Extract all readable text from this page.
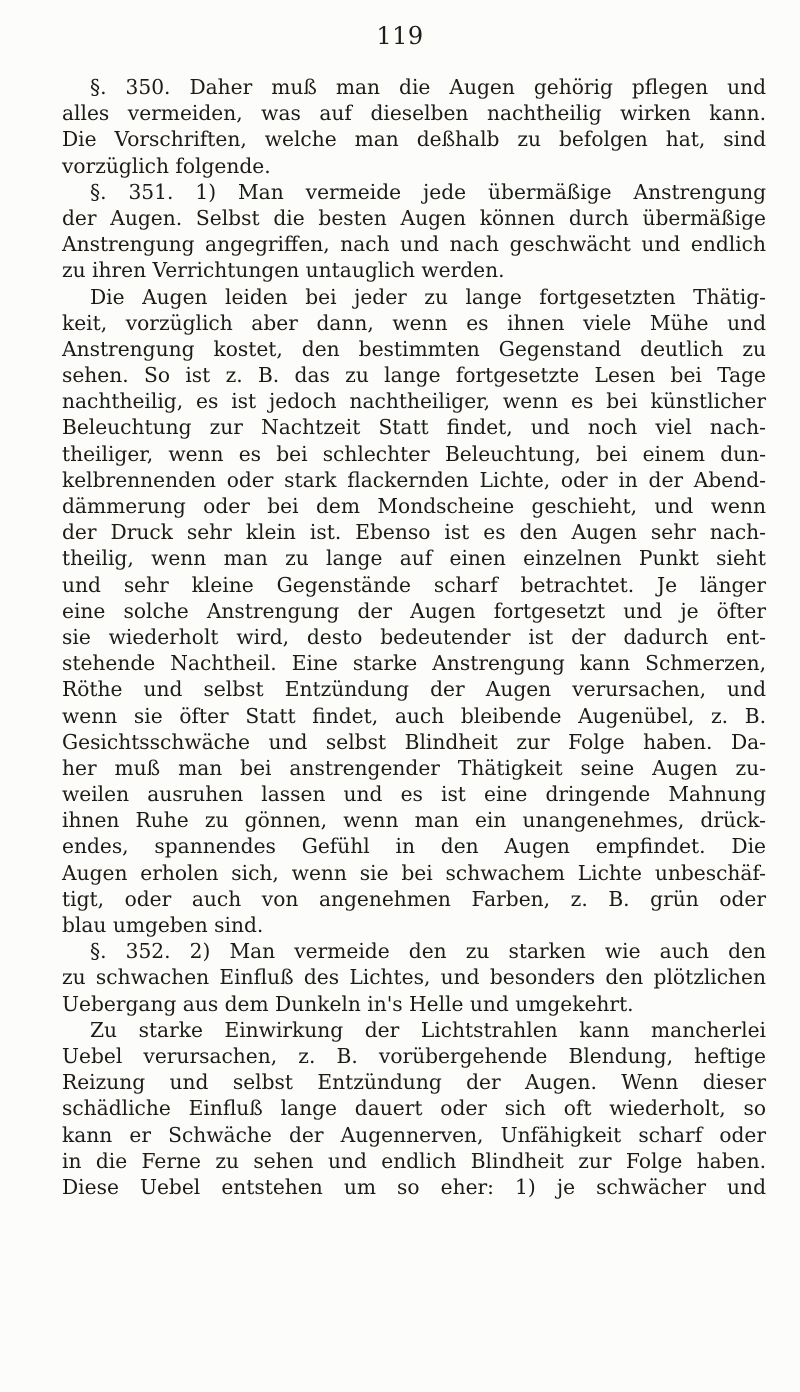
119
§. 350. Daher muß man die Augen gehörig pflegen und
alles vermeiden, was auf dieselben nachtheilig wirken kann.
Die Vorschriften, welche man deßhalb zu befolgen hat, sind
vorzüglich folgende.
§. 351. 1) Man vermeide jede übermäßige Anstrengung
der Augen. Selbst die besten Augen können durch übermäßige
Anstrengung angegriffen, nach und nach geschwächt und endlich
zu ihren Verrichtungen untauglich werden.
Die Augen leiden bei jeder zu lange fortgesetzten Thätig-
keit, vorzüglich aber dann, wenn es ihnen viele Mühe und
Anstrengung kostet, den bestimmten Gegenstand deutlich zu
sehen. So ist z. B. das zu lange fortgesetzte Lesen bei Tage
nachtheilig, es ist jedoch nachtheiliger, wenn es bei künstlicher
Beleuchtung zur Nachtzeit Statt findet, und noch viel nach-
theiliger, wenn es bei schlechter Beleuchtung, bei einem dun-
kelbrennenden oder stark flackernden Lichte, oder in der Abend-
dämmerung oder bei dem Mondscheine geschieht, und wenn
der Druck sehr klein ist. Ebenso ist es den Augen sehr nach-
theilig, wenn man zu lange auf einen einzelnen Punkt sieht
und sehr kleine Gegenstände scharf betrachtet. Je länger
eine solche Anstrengung der Augen fortgesetzt und je öfter
sie wiederholt wird, desto bedeutender ist der dadurch ent-
stehende Nachtheil. Eine starke Anstrengung kann Schmerzen,
Röthe und selbst Entzündung der Augen verursachen, und
wenn sie öfter Statt findet, auch bleibende Augenübel, z. B.
Gesichtsschwäche und selbst Blindheit zur Folge haben. Da-
her muß man bei anstrengender Thätigkeit seine Augen zu-
weilen ausruhen lassen und es ist eine dringende Mahnung
ihnen Ruhe zu gönnen, wenn man ein unangenehmes, drück-
endes, spannendes Gefühl in den Augen empfindet. Die
Augen erholen sich, wenn sie bei schwachem Lichte unbeschäf-
tigt, oder auch von angenehmen Farben, z. B. grün oder
blau umgeben sind.
§. 352. 2) Man vermeide den zu starken wie auch den
zu schwachen Einfluß des Lichtes, und besonders den plötzlichen
Uebergang aus dem Dunkeln in's Helle und umgekehrt.
Zu starke Einwirkung der Lichtstrahlen kann mancherlei
Uebel verursachen, z. B. vorübergehende Blendung, heftige
Reizung und selbst Entzündung der Augen. Wenn dieser
schädliche Einfluß lange dauert oder sich oft wiederholt, so
kann er Schwäche der Augennerven, Unfähigkeit scharf oder
in die Ferne zu sehen und endlich Blindheit zur Folge haben.
Diese Uebel entstehen um so eher: 1) je schwächer und
